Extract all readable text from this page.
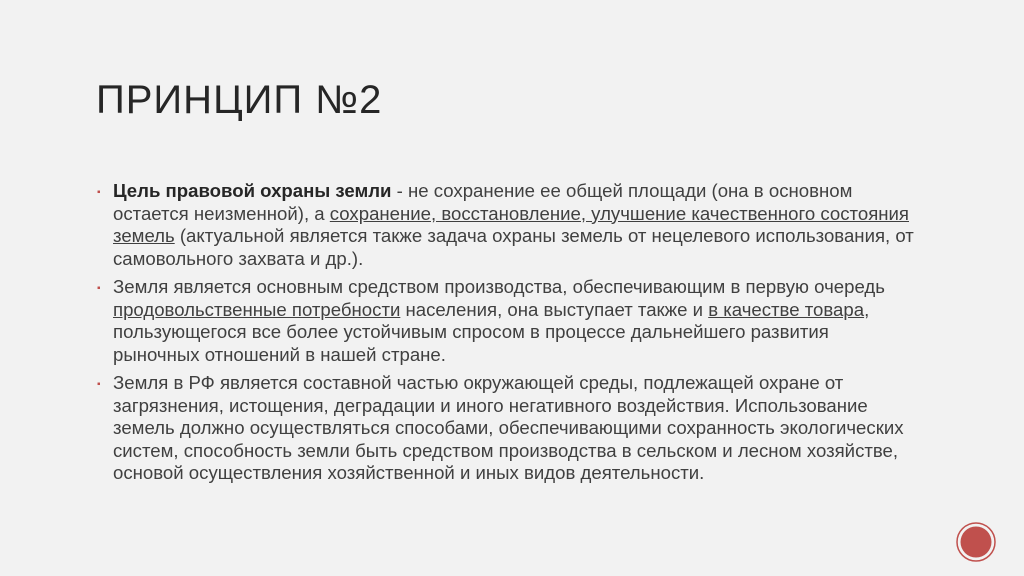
ПРИНЦИП №2
▪ Цель правовой охраны земли - не сохранение ее общей площади (она в основном остается неизменной), а сохранение, восстановление, улучшение качественного состояния земель (актуальной является также задача охраны земель от нецелевого использования, от самовольного захвата и др.).
▪ Земля является основным средством производства, обеспечивающим в первую очередь продовольственные потребности населения, она выступает также и в качестве товара, пользующегося все более устойчивым спросом в процессе дальнейшего развития рыночных отношений в нашей стране.
▪ Земля в РФ является составной частью окружающей среды, подлежащей охране от загрязнения, истощения, деградации и иного негативного воздействия. Использование земель должно осуществляться способами, обеспечивающими сохранность экологических систем, способность земли быть средством производства в сельском и лесном хозяйстве, основой осуществления хозяйственной и иных видов деятельности.
